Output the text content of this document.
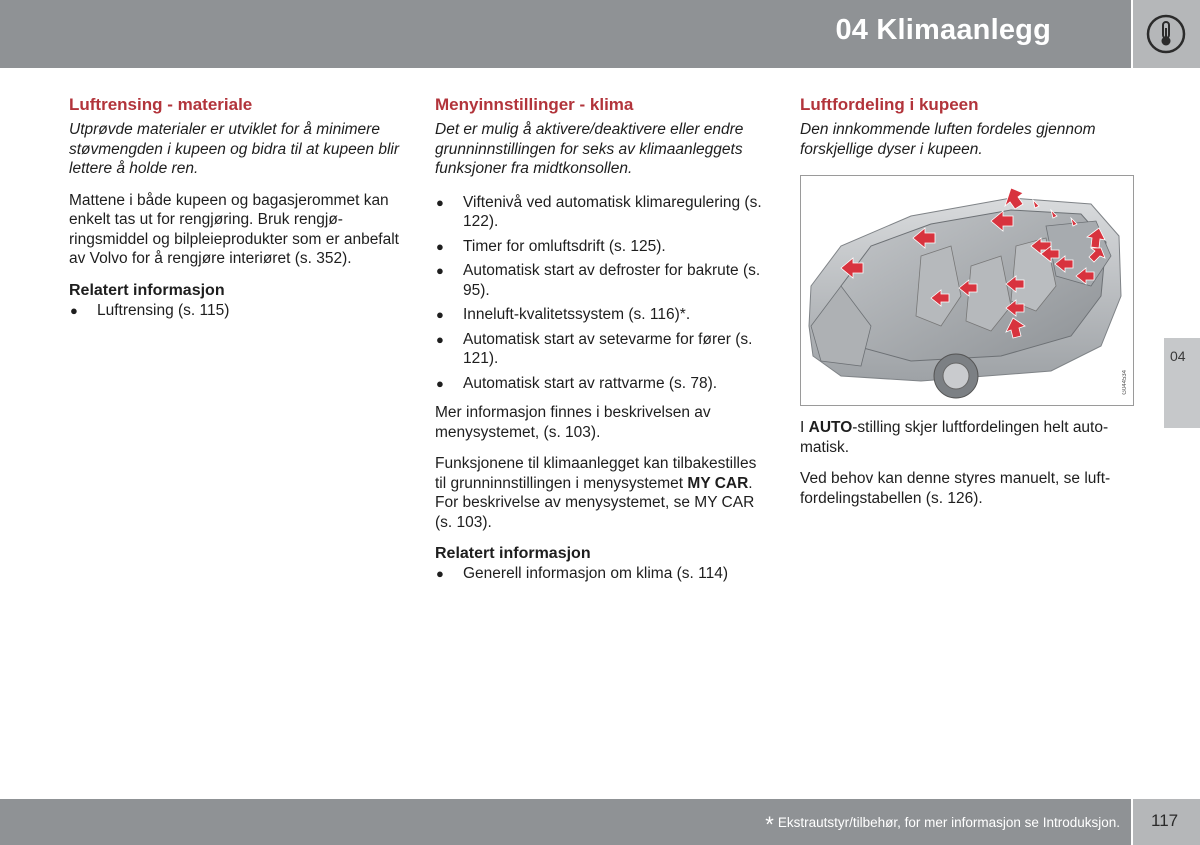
04 Klimaanlegg
04
Luftrensing - materiale

Utprøvde materialer er utviklet for å minimere støvmengden i kupeen og bidra til at kupeen blir lettere å holde ren.

Mattene i både kupeen og bagasjerommet kan enkelt tas ut for rengjøring. Bruk rengjøringsmiddel og bilpleieprodukter som er anbefalt av Volvo for å rengjøre interiøret (s. 352).

Relatert informasjon
● Luftrensing (s. 115)
Menyinnstillinger - klima

Det er mulig å aktivere/deaktivere eller endre grunninnstillingen for seks av klimaanleggets funksjoner fra midtkonsollen.

● Viftenivå ved automatisk klimaregulering (s. 122).
● Timer for omluftsdrift (s. 125).
● Automatisk start av defroster for bakrute (s. 95).
● Inneluft-kvalitetssystem (s. 116)*.
● Automatisk start av setevarme for fører (s. 121).
● Automatisk start av rattvarme (s. 78).

Mer informasjon finnes i beskrivelsen av menysystemet, (s. 103).

Funksjonene til klimaanlegget kan tilbakestilles til grunninnstillingen i menysystemet MY CAR. For beskrivelse av menysystemet, se MY CAR (s. 103).

Relatert informasjon
● Generell informasjon om klima (s. 114)
Luftfordeling i kupeen

Den innkommende luften fordeles gjennom forskjellige dyser i kupeen.

G044534

I AUTO-stilling skjer luftfordelingen helt automatisk.

Ved behov kan denne styres manuelt, se luftfordelingstabellen (s. 126).

* Ekstrautstyr/tilbehør, for mer informasjon se Introduksjon. 117
